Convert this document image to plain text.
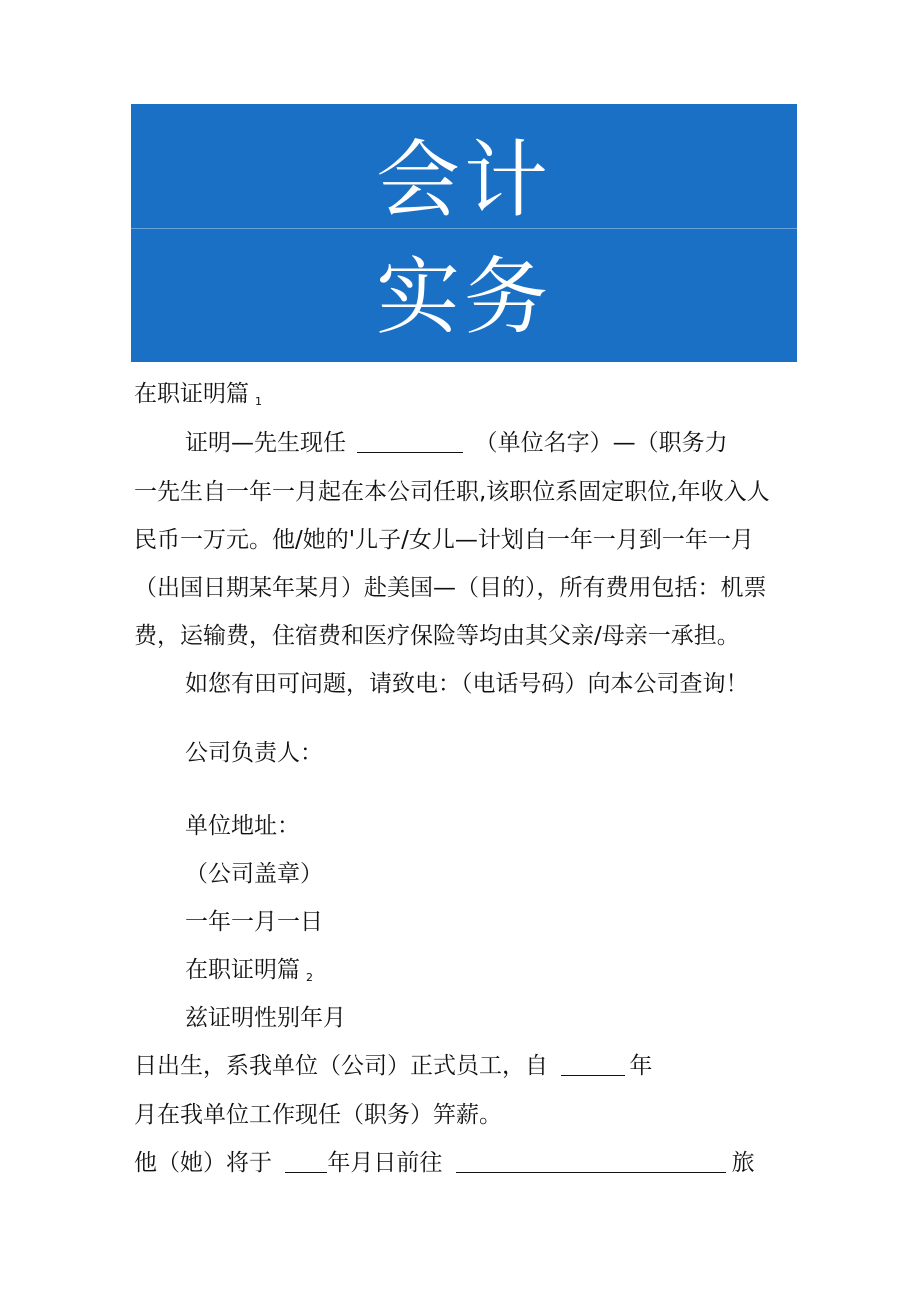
会计
实务
在职证明篇 1
证明—先生现任	（单位名字）—（职务力
一先生自一年一月起在本公司任职,该职位系固定职位,年收入人
民币一万元。他/她的'儿子/女儿—计划自一年一月到一年一月
（出国日期某年某月）赴美国—（目的），所有费用包括：机票
费，运输费，住宿费和医疗保险等均由其父亲/母亲一承担。
如您有田可问题，请致电：（电话号码）向本公司查询！
公司负责人：
单位地址：
（公司盖章）
一年一月一日
在职证明篇 2
兹证明性别年月
日出生，系我单位（公司）正式员工，自	年
月在我单位工作现任（职务）笄薪。
他（她）将于 年月日前往	旅
